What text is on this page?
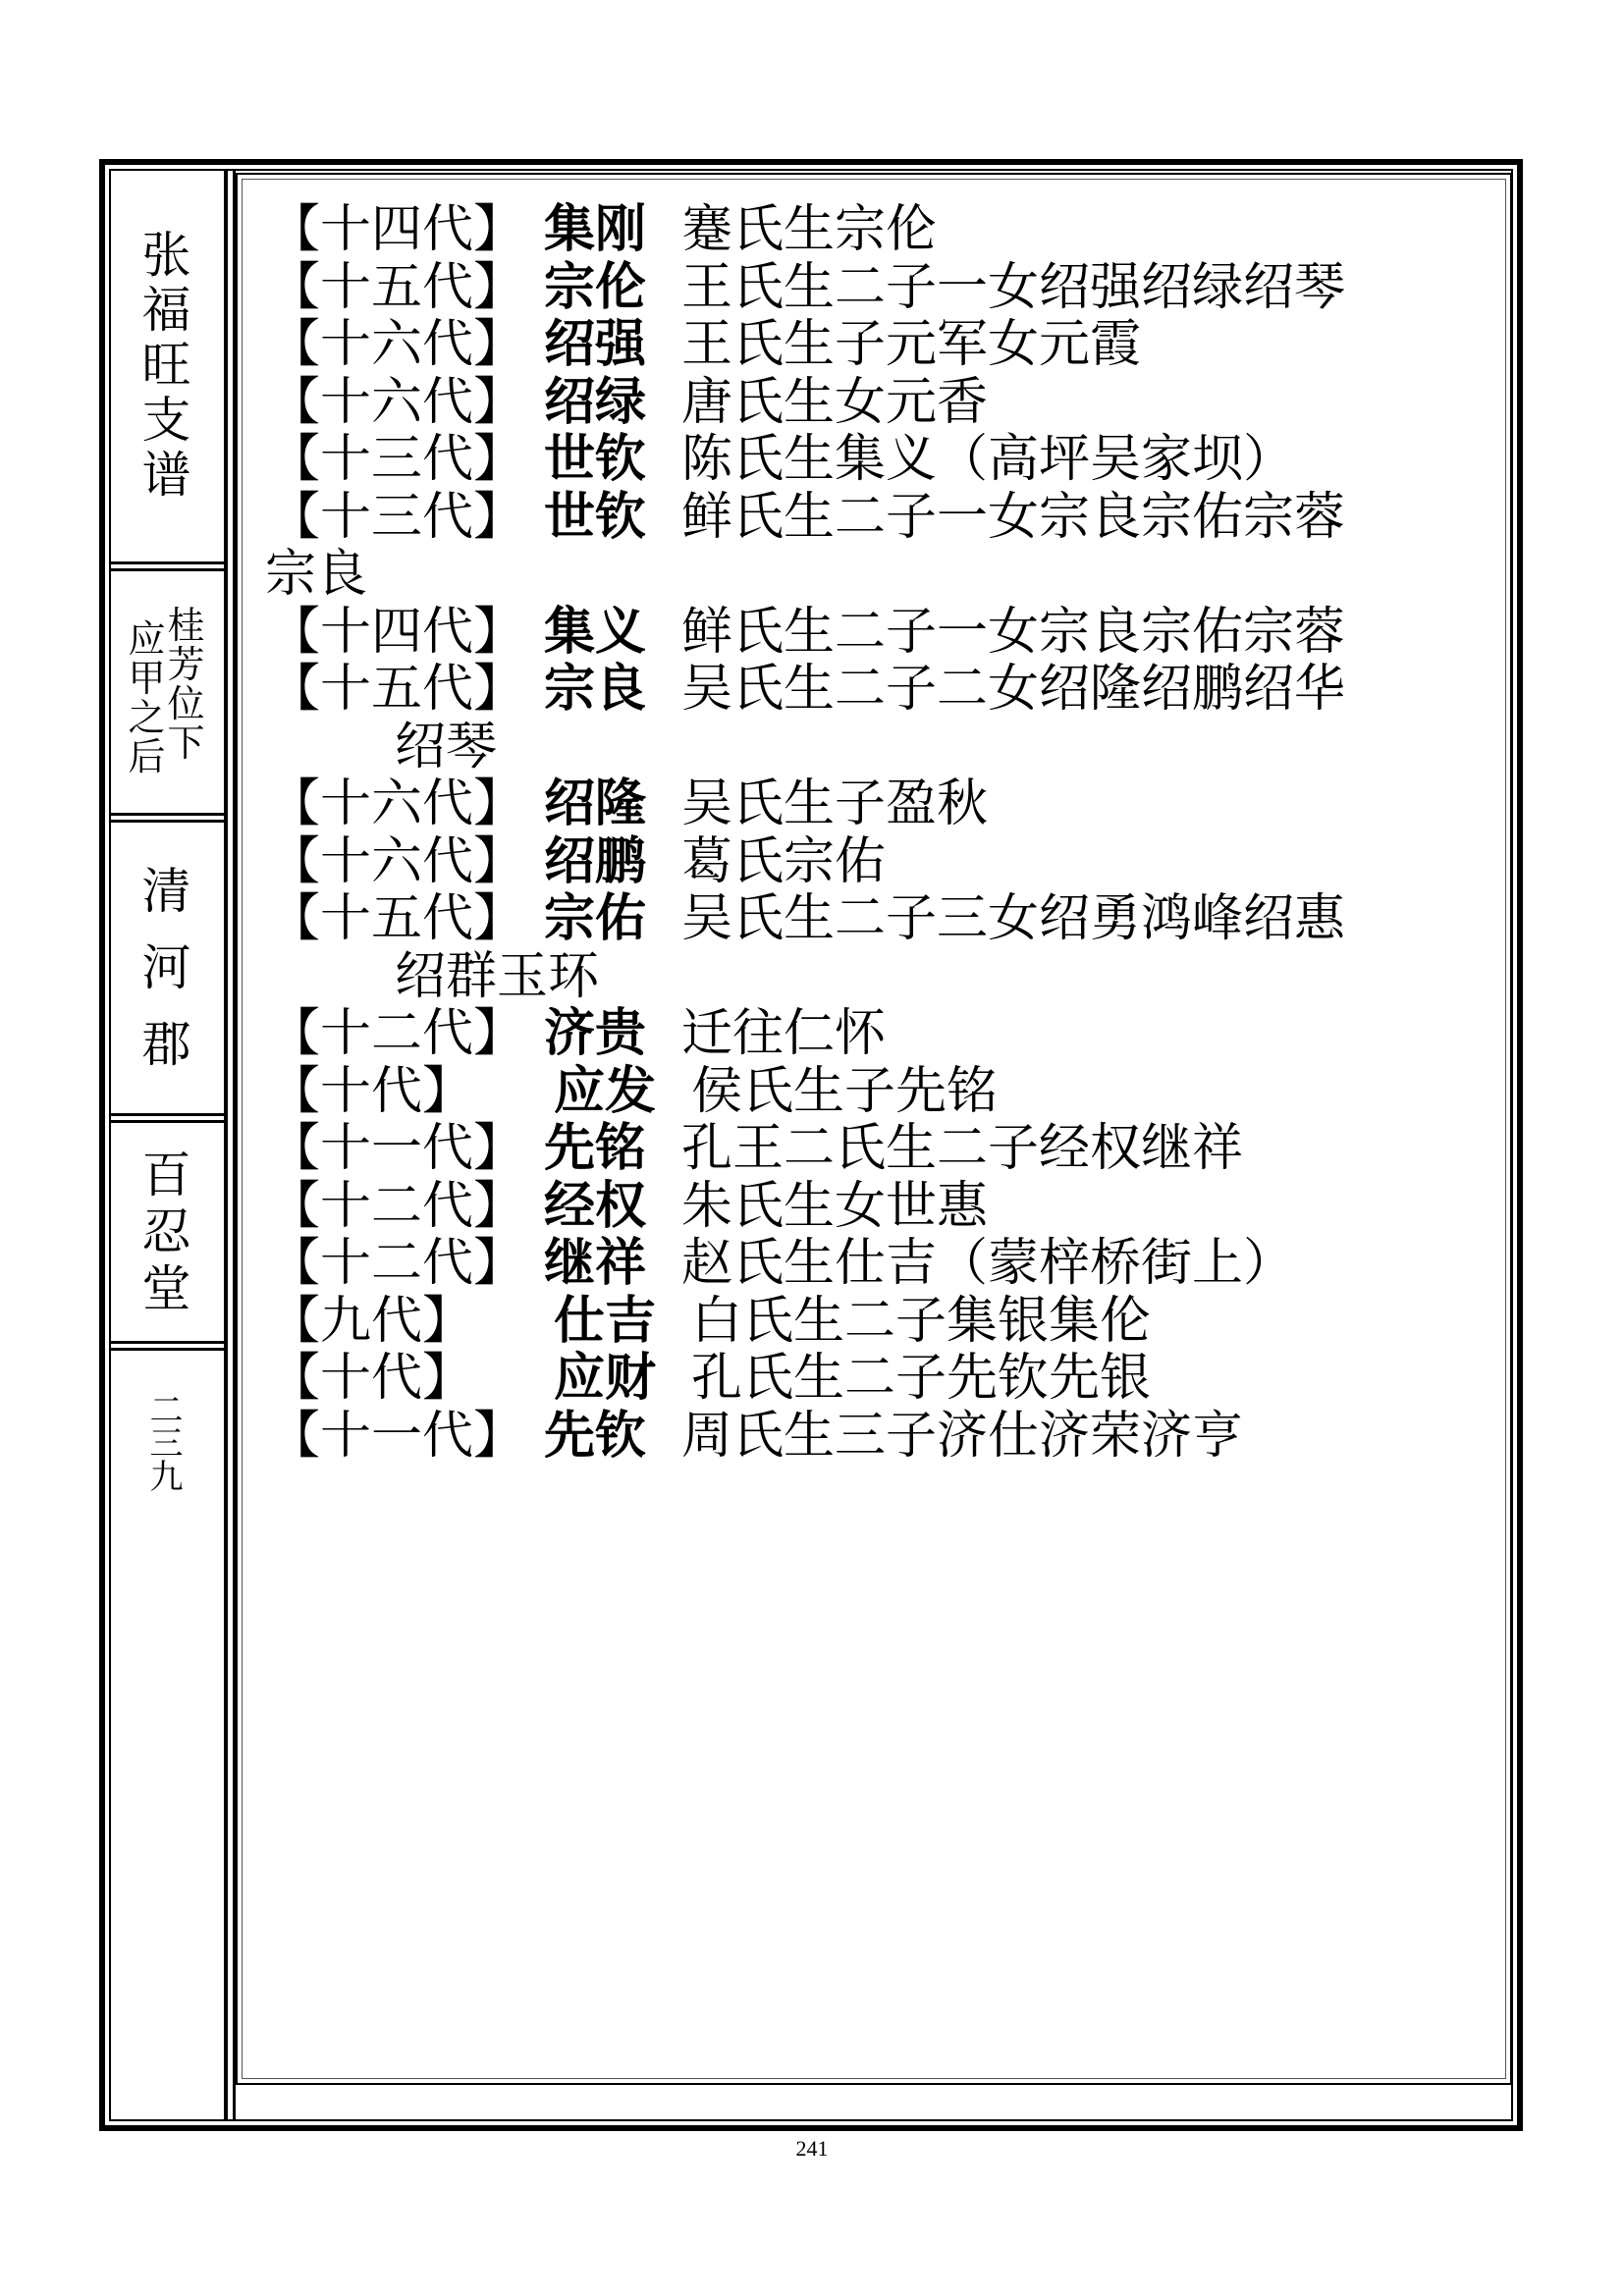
张
福
旺
支
谱
桂
芳
位
下
应
甲
之
后
清
河
郡
百
忍
堂
二
三
九
【十四代】 集刚 蹇氏生宗伦
【十五代】 宗伦 王氏生二子一女绍强绍绿绍琴
【十六代】 绍强 王氏生子元军女元霞
【十六代】 绍绿 唐氏生女元香
【十三代】 世钦 陈氏生集义（高坪吴家坝）
【十三代】 世钦 鲜氏生二子一女宗良宗佑宗蓉
宗良
【十四代】 集义 鲜氏生二子一女宗良宗佑宗蓉
【十五代】 宗良 吴氏生二子二女绍隆绍鹏绍华
绍琴
【十六代】 绍隆 吴氏生子盈秋
【十六代】 绍鹏 葛氏宗佑
【十五代】 宗佑 吴氏生二子三女绍勇鸿峰绍惠
绍群玉环
【十二代】 济贵 迁往仁怀
【十代】 应发 侯氏生子先铭
【十一代】 先铭 孔王二氏生二子经权继祥
【十二代】 经权 朱氏生女世惠
【十二代】 继祥 赵氏生仕吉（蒙梓桥街上）
【九代】 仕吉 白氏生二子集银集伦
【十代】 应财 孔氏生二子先钦先银
【十一代】 先钦 周氏生三子济仕济荣济亨
241
